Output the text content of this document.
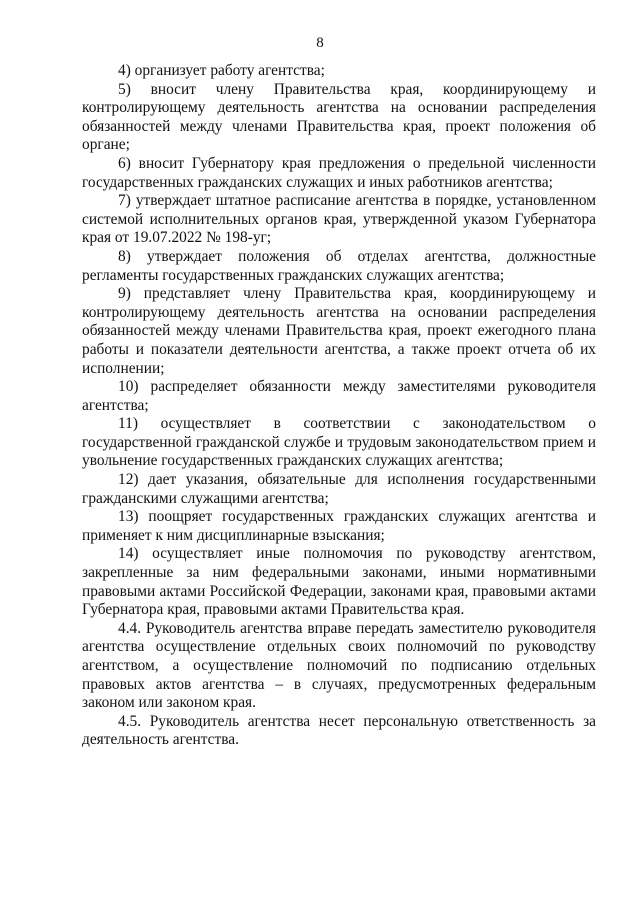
8

4) организует работу агентства;

5) вносит члену Правительства края, координирующему и контролирующему деятельность агентства на основании распределения обязанностей между членами Правительства края, проект положения об органе;

6) вносит Губернатору края предложения о предельной численности государственных гражданских служащих и иных работников агентства;

7) утверждает штатное расписание агентства в порядке, установленном системой исполнительных органов края, утвержденной указом Губернатора края от 19.07.2022 № 198-уг;

8) утверждает положения об отделах агентства, должностные регламенты государственных гражданских служащих агентства;

9) представляет члену Правительства края, координирующему и контролирующему деятельность агентства на основании распределения обязанностей между членами Правительства края, проект ежегодного плана работы и показатели деятельности агентства, а также проект отчета об их исполнении;

10) распределяет обязанности между заместителями руководителя агентства;

11) осуществляет в соответствии с законодательством о государственной гражданской службе и трудовым законодательством прием и увольнение государственных гражданских служащих агентства;

12) дает указания, обязательные для исполнения государственными гражданскими служащими агентства;

13) поощряет государственных гражданских служащих агентства и применяет к ним дисциплинарные взыскания;

14) осуществляет иные полномочия по руководству агентством, закрепленные за ним федеральными законами, иными нормативными правовыми актами Российской Федерации, законами края, правовыми актами Губернатора края, правовыми актами Правительства края.

4.4. Руководитель агентства вправе передать заместителю руководителя агентства осуществление отдельных своих полномочий по руководству агентством, а осуществление полномочий по подписанию отдельных правовых актов агентства – в случаях, предусмотренных федеральным законом или законом края.

4.5. Руководитель агентства несет персональную ответственность за деятельность агентства.
